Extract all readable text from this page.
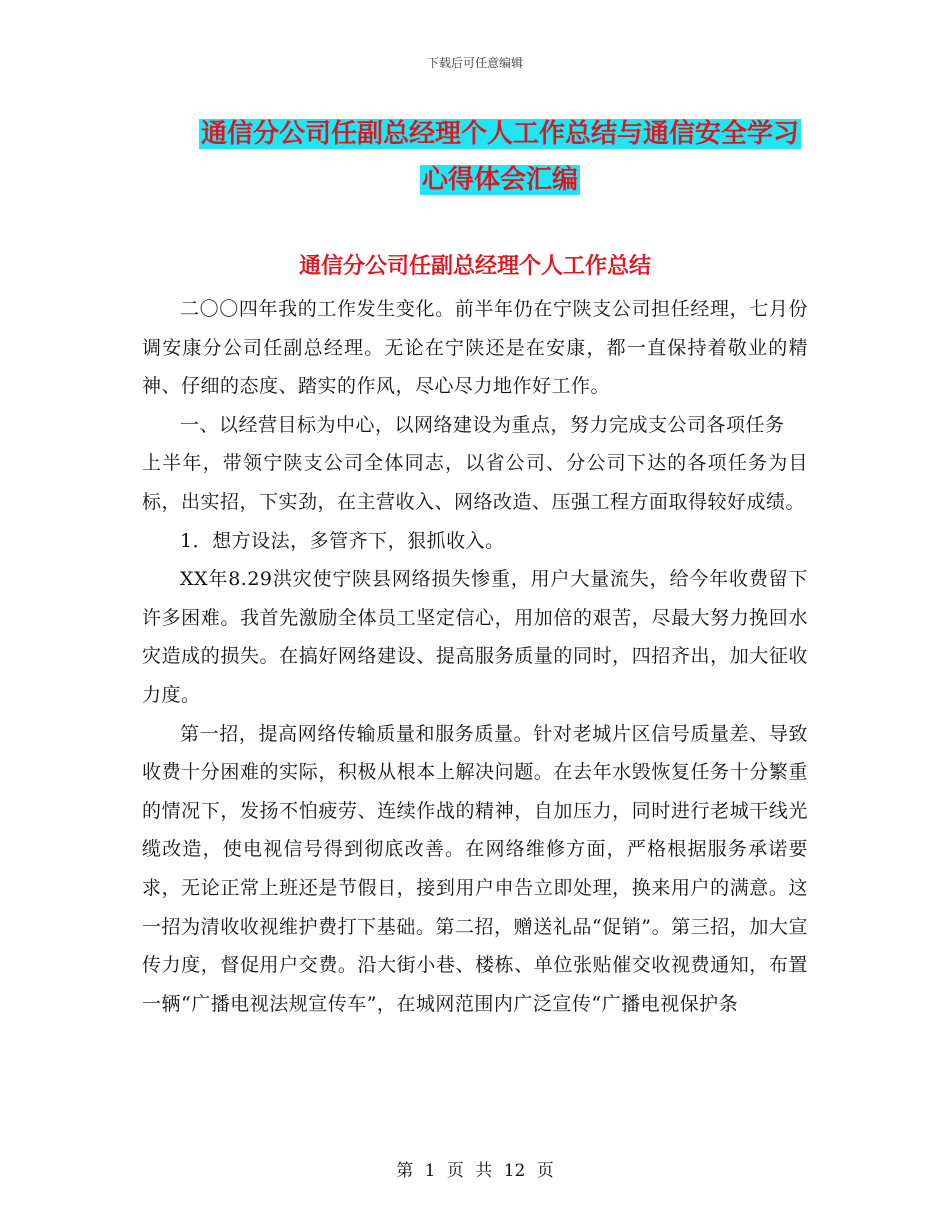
下载后可任意编辑
通信分公司任副总经理个人工作总结与通信安全学习
心得体会汇编
通信分公司任副总经理个人工作总结

二〇〇四年我的工作发生变化。前半年仍在宁陕支公司担任经理，七月份调安康分公司任副总经理。无论在宁陕还是在安康，都一直保持着敬业的精神、仔细的态度、踏实的作风，尽心尽力地作好工作。

一、以经营目标为中心，以网络建设为重点，努力完成支公司各项任务

上半年，带领宁陕支公司全体同志，以省公司、分公司下达的各项任务为目标，出实招，下实劲，在主营收入、网络改造、压强工程方面取得较好成绩。

1．想方设法，多管齐下，狠抓收入。

XX年8.29洪灾使宁陕县网络损失惨重，用户大量流失，给今年收费留下许多困难。我首先激励全体员工坚定信心，用加倍的艰苦，尽最大努力挽回水灾造成的损失。在搞好网络建设、提高服务质量的同时，四招齐出，加大征收力度。

第一招，提高网络传输质量和服务质量。针对老城片区信号质量差、导致收费十分困难的实际，积极从根本上解决问题。在去年水毁恢复任务十分繁重的情况下，发扬不怕疲劳、连续作战的精神，自加压力，同时进行老城干线光缆改造，使电视信号得到彻底改善。在网络维修方面，严格根据服务承诺要求，无论正常上班还是节假日，接到用户申告立即处理，换来用户的满意。这一招为清收收视维护费打下基础。第二招，赠送礼品“促销”。第三招，加大宣传力度，督促用户交费。沿大街小巷、楼栋、单位张贴催交收视费通知，布置一辆“广播电视法规宣传车”，在城网范围内广泛宣传“广播电视保护条

第 1 页 共 12 页
